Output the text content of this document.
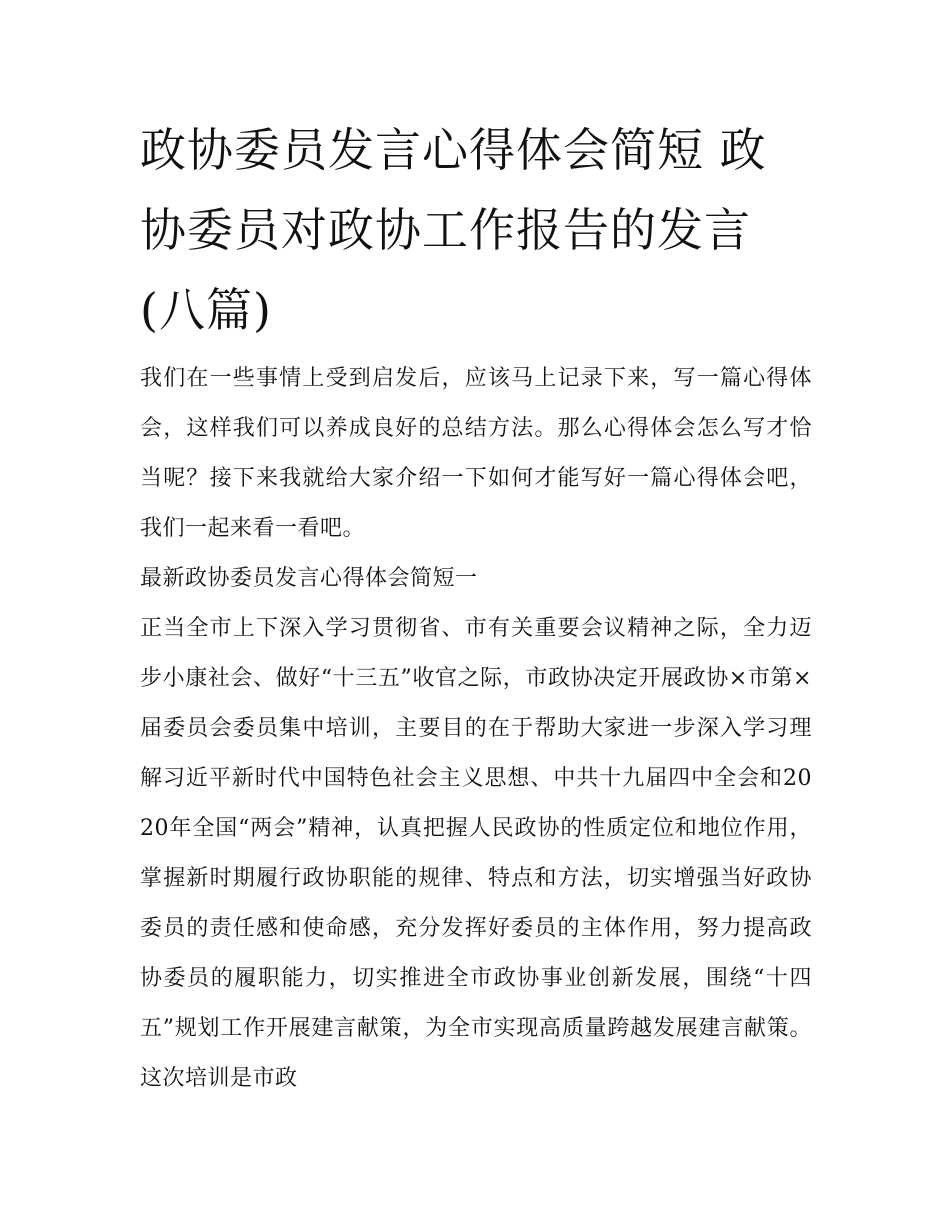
政协委员发言心得体会简短 政协委员对政协工作报告的发言(八篇)

我们在一些事情上受到启发后，应该马上记录下来，写一篇心得体会，这样我们可以养成良好的总结方法。那么心得体会怎么写才恰当呢？接下来我就给大家介绍一下如何才能写好一篇心得体会吧，我们一起来看一看吧。

最新政协委员发言心得体会简短一

正当全市上下深入学习贯彻省、市有关重要会议精神之际，全力迈步小康社会、做好“十三五”收官之际，市政协决定开展政协×市第×届委员会委员集中培训，主要目的在于帮助大家进一步深入学习理解习近平新时代中国特色社会主义思想、中共十九届四中全会和2020年全国“两会”精神，认真把握人民政协的性质定位和地位作用，掌握新时期履行政协职能的规律、特点和方法，切实增强当好政协委员的责任感和使命感，充分发挥好委员的主体作用，努力提高政协委员的履职能力，切实推进全市政协事业创新发展，围绕“十四五”规划工作开展建言献策，为全市实现高质量跨越发展建言献策。这次培训是市政
